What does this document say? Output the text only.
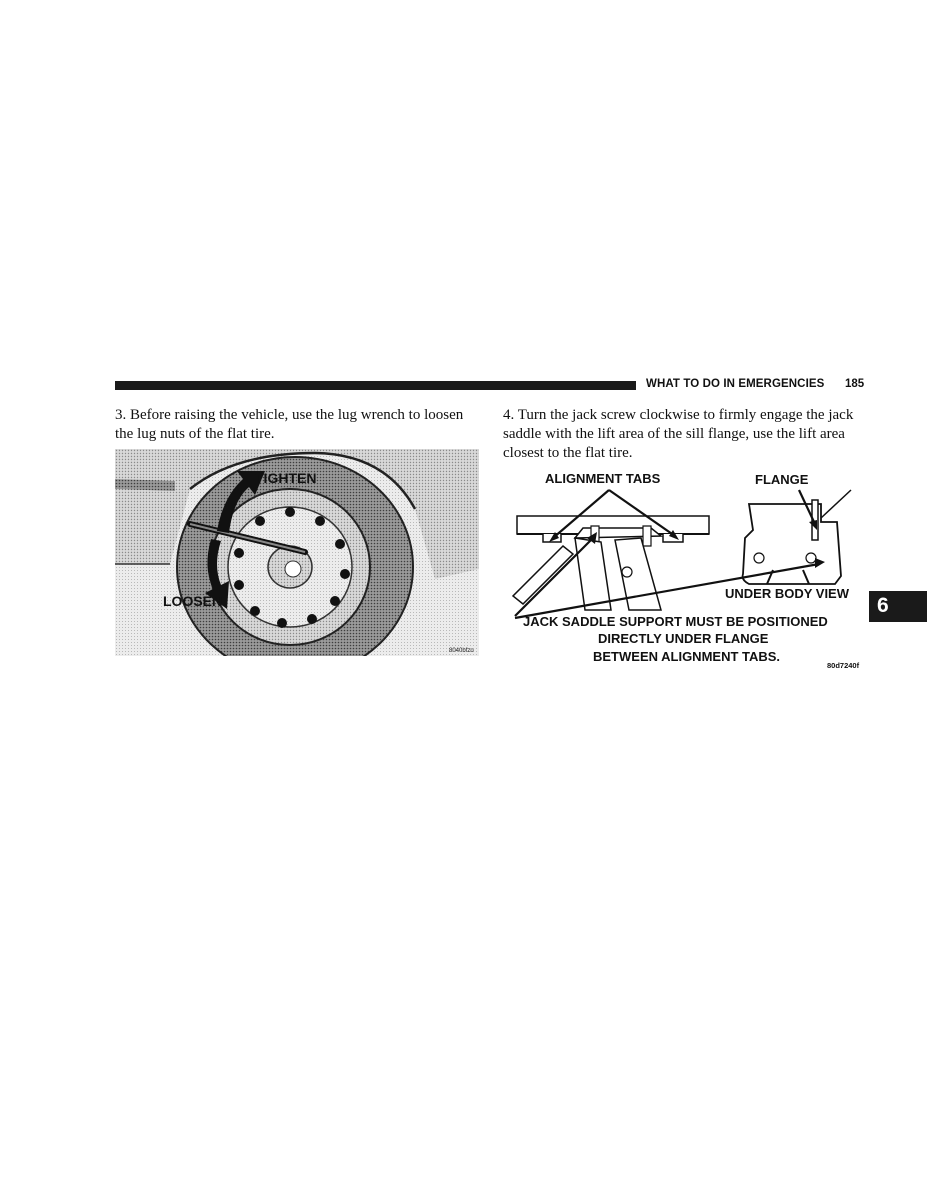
WHAT TO DO IN EMERGENCIES 185

3. Before raising the vehicle, use the lug wrench to loosen the lug nuts of the flat tire.

TIGHTEN
LOOSEN
8040bfzo

4. Turn the jack screw clockwise to firmly engage the jack saddle with the lift area of the sill flange, use the lift area closest to the flat tire.

ALIGNMENT TABS	FLANGE
UNDER BODY VIEW
JACK SADDLE SUPPORT MUST BE POSITIONED
DIRECTLY UNDER FLANGE
BETWEEN ALIGNMENT TABS.
80d7240f
6
